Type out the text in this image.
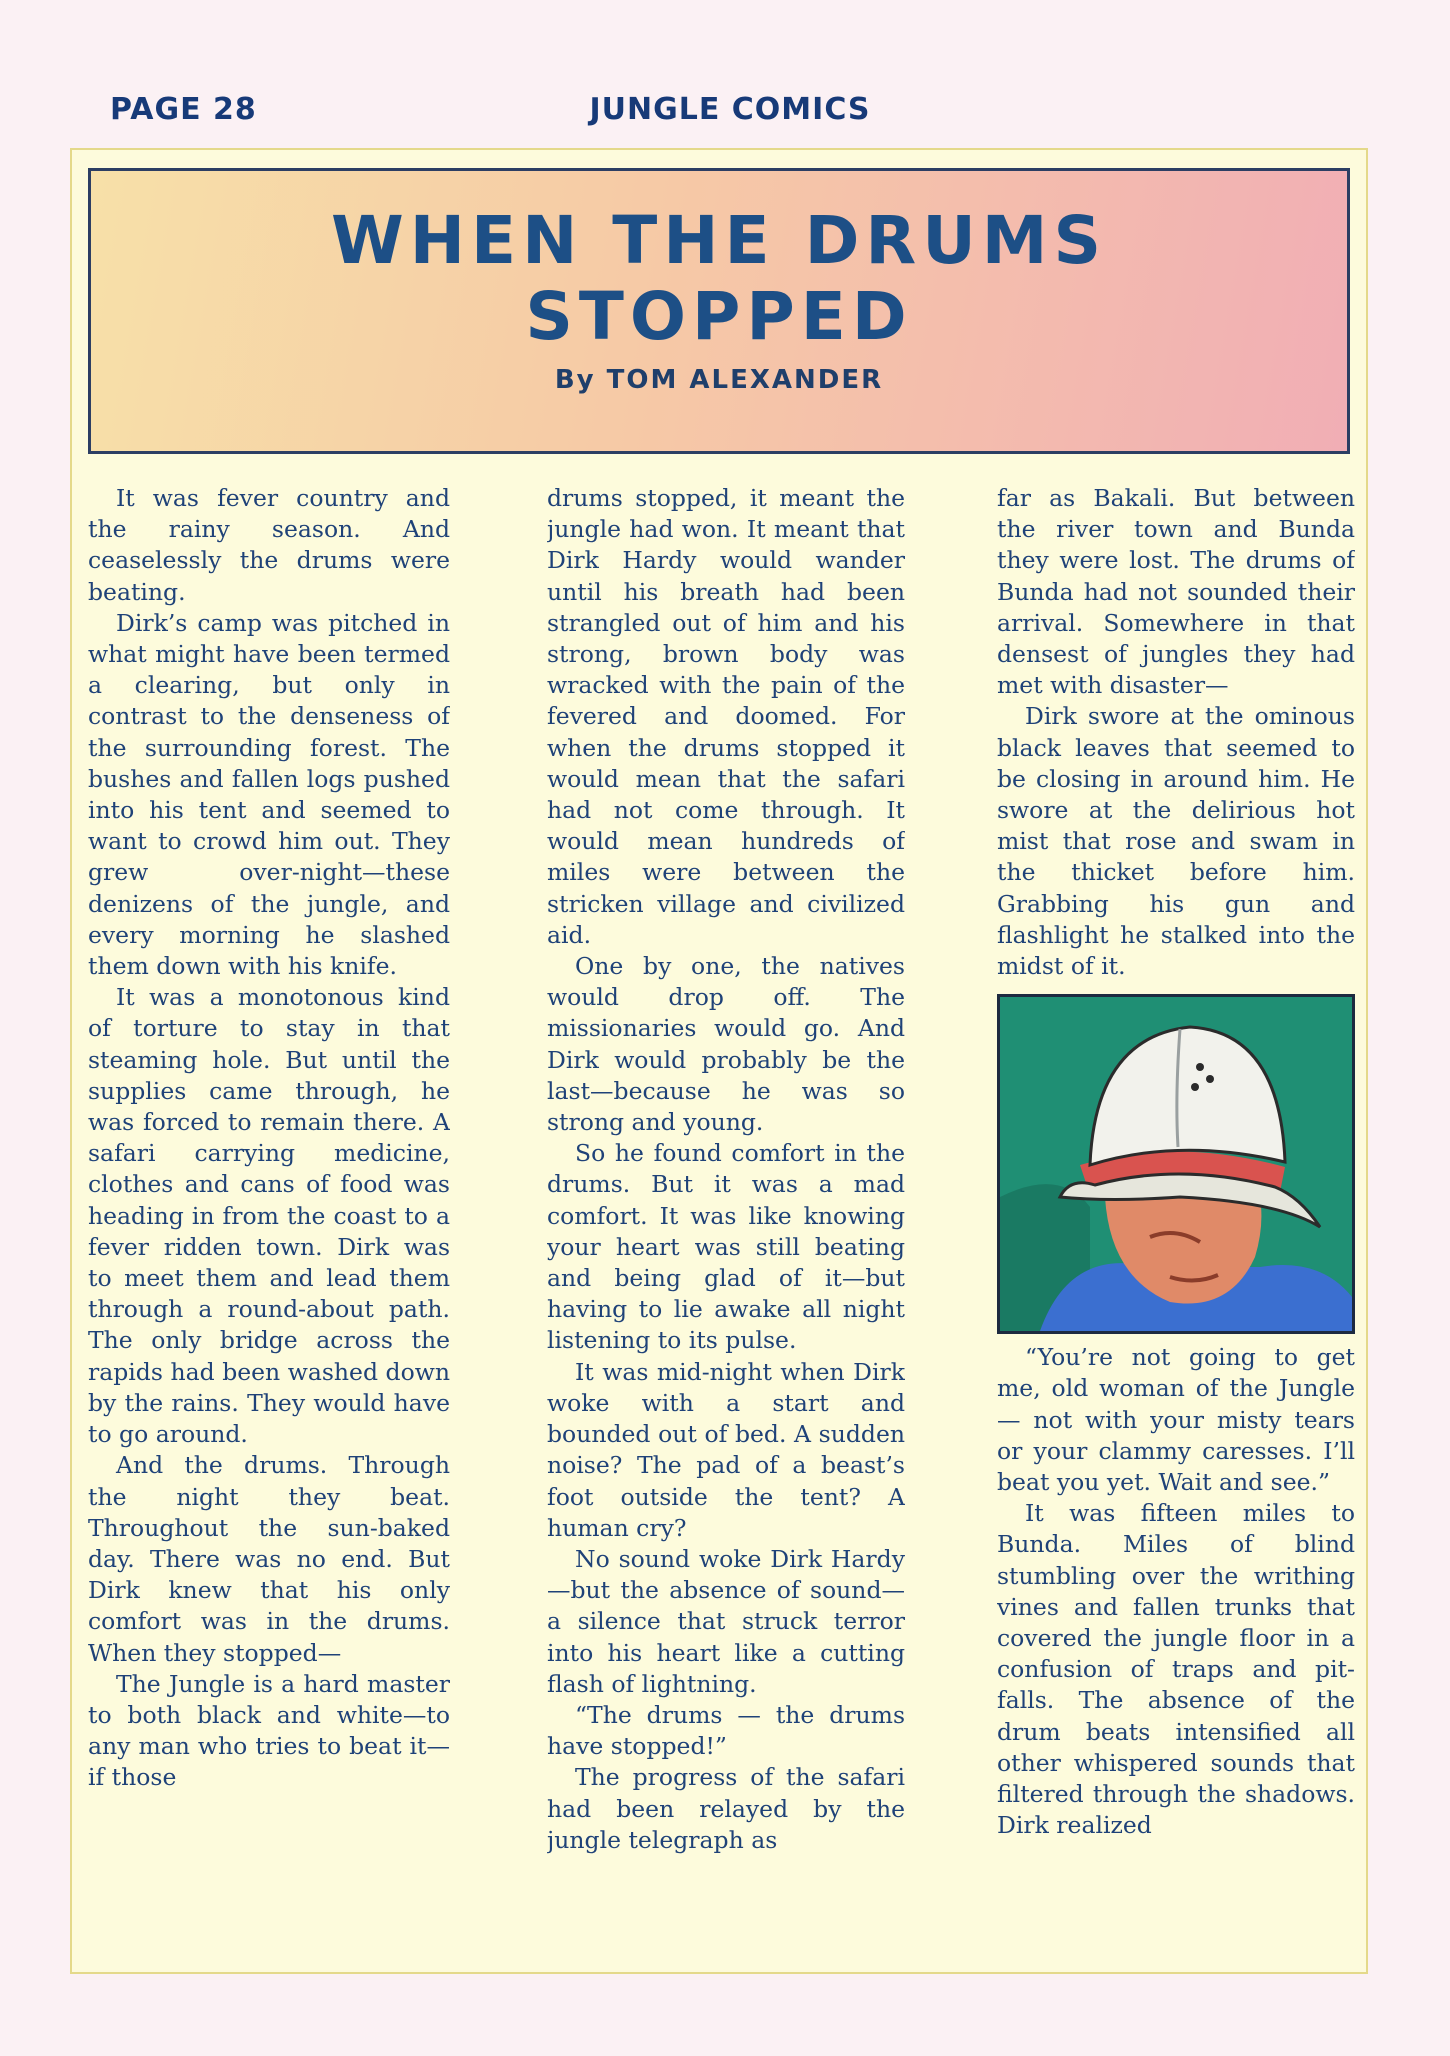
PAGE 28	JUNGLE COMICS
WHEN THE DRUMS
STOPPED
By TOM ALEXANDER

It was fever country and the rainy season. And ceaselessly the drums were beating.

Dirk’s camp was pitched in what might have been termed a clearing, but only in contrast to the denseness of the surrounding forest. The bushes and fallen logs pushed into his tent and seemed to want to crowd him out. They grew over-night—these denizens of the jungle, and every morning he slashed them down with his knife.

It was a monotonous kind of torture to stay in that steaming hole. But until the supplies came through, he was forced to remain there. A safari carrying medicine, clothes and cans of food was heading in from the coast to a fever ridden town. Dirk was to meet them and lead them through a round-about path. The only bridge across the rapids had been washed down by the rains. They would have to go around.

And the drums. Through the night they beat. Throughout the sun-baked day. There was no end. But Dirk knew that his only comfort was in the drums. When they stopped—

The Jungle is a hard master to both black and white—to any man who tries to beat it—if those

drums stopped, it meant the jungle had won. It meant that Dirk Hardy would wander until his breath had been strangled out of him and his strong, brown body was wracked with the pain of the fevered and doomed. For when the drums stopped it would mean that the safari had not come through. It would mean hundreds of miles were between the stricken village and civilized aid.

One by one, the natives would drop off. The missionaries would go. And Dirk would probably be the last—because he was so strong and young.

So he found comfort in the drums. But it was a mad comfort. It was like knowing your heart was still beating and being glad of it—but having to lie awake all night listening to its pulse.

It was mid-night when Dirk woke with a start and bounded out of bed. A sudden noise? The pad of a beast’s foot outside the tent? A human cry?

No sound woke Dirk Hardy—but the absence of sound—a silence that struck terror into his heart like a cutting flash of lightning.

“The drums — the drums have stopped!”

The progress of the safari had been relayed by the jungle telegraph as

far as Bakali. But between the river town and Bunda they were lost. The drums of Bunda had not sounded their arrival. Somewhere in that densest of jungles they had met with disaster—

Dirk swore at the ominous black leaves that seemed to be closing in around him. He swore at the delirious hot mist that rose and swam in the thicket before him. Grabbing his gun and flashlight he stalked into the midst of it.

“You’re not going to get me, old woman of the Jungle — not with your misty tears or your clammy caresses. I’ll beat you yet. Wait and see.”

It was fifteen miles to Bunda. Miles of blind stumbling over the writhing vines and fallen trunks that covered the jungle floor in a confusion of traps and pit-falls. The absence of the drum beats intensified all other whispered sounds that filtered through the shadows. Dirk realized
